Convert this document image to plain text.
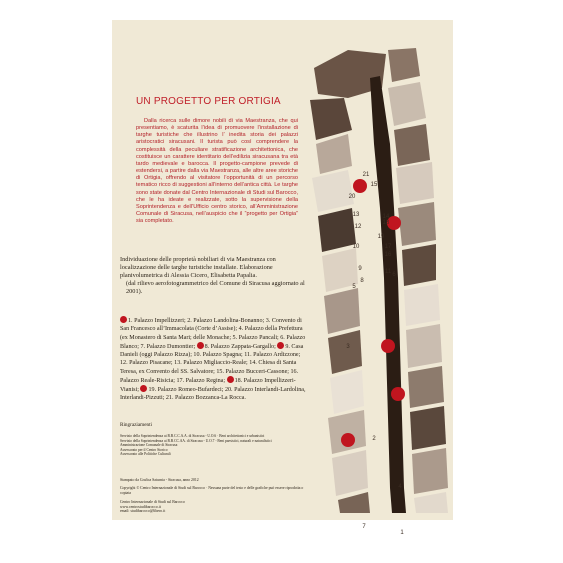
UN PROGETTO PER ORTIGIA
Dalla ricerca sulle dimore nobili di via Maestranza, che qui presentiamo, è scaturita l’idea di promuovere l’installazione di targhe turistiche che illustrino l’ inedita storia dei palazzi aristocratici siracusani. Il turista può così comprendere la complessità della peculiare stratificazione architettonica, che costituisce un carattere identitario dell’edilizia siracusana tra età tardo medievale e barocca. Il progetto-campione prevede di estendersi, a partire dalla via Maestranza, alle altre aree storiche di Ortigia, offrendo al visitatore l’opportunità di un percorso tematico ricco di suggestioni all’interno dell’antica città. Le targhe sono state donate dal Centro Internazionale di Studi sul Barocco, che le ha ideate e realizzate, sotto la supervisione della Soprintendenza e dell’Ufficio centro storico, all’Amministrazione Comunale di Siracusa, nell’auspicio che il “progetto per Ortigia” sia completato.
Individuazione delle proprietà nobiliari di via Maestranza con localizzazione delle targhe turistiche installate. Elaborazione planivolumetrica di Alessia Cicero, Elisabetta Papalia.
(dal rilievo aerofotogrammetrico del Comune di Siracusa aggiornato al 2001).
1. Palazzo Impellizzeri; 2. Palazzo Landolina-Bonanno; 3. Convento di San Francesco all’Immacolata (Corte d’Assise); 4. Palazzo della Prefettura (ex Monastero di Santa Mari; delle Monache; 5. Palazzo Pancali; 6. Palazzo Blanco; 7. Palazzo Dumontier; 8. Palazzo Zappata-Gargallo; 9. Casa Danieli (oggi Palazzo Rizza); 10. Palazzo Spagna; 11. Palazzo Ardizzone; 12. Palazzo Pisacane; 13. Palazzo Migliaccio-Reale; 14. Chiesa di Santa Teresa, ex Convento del SS. Salvatore; 15. Palazzo Bucceri-Cassone; 16. Palazzo Reale-Risicia; 17. Palazzo Regina; 18. Palazzo Impellizzeri-Vianisi; 19. Palazzo Romeo-Bufardeci; 20. Palazzo Interlandi-Lardolina, Interlandi-Pizzuti; 21. Palazzo Bozzanca-La Rocca.
Ringraziamenti
Servizio della Soprintendenza ai B.B.C.C.A.A. di Siracusa - U.O.6 · Beni architettonici e urbanistici
Servizio della Soprintendenza ai B.B.CC.AA. di Siracusa - U.O.7 - Beni paesistici, naturali e naturalistici
Amministrazione Comunale di Siracusa
Assessorato per il Centro Storico
Assessorato alle Politiche Culturali
Stampato da Grafica Saturnia - Siracusa, anno 2012
Copyright © Centro Internazionale di Studi sul Barocco · Nessuna parte del testo e delle grafiche può essere riprodotta o copiata
Centro Internazionale di Studi sul Barocco
www.centrostudibarocco.it
email: studibarocco@libero.it
21
20
19
18
17
16
15
14
13
12
11
10
9
8
7
6
5
4
3
2
1
